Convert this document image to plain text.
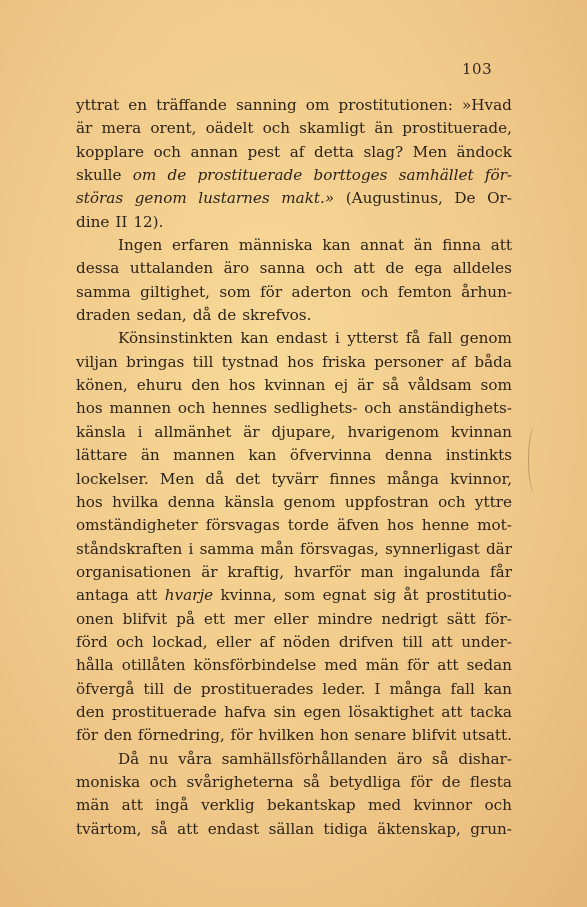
103
yttrat en träffande sanning om prostitutionen: »Hvad
är mera orent, oädelt och skamligt än prostituerade,
kopplare och annan pest af detta slag? Men ändock
skulle om de prostituerade borttoges samhället för-
störas genom lustarnes makt.» (Augustinus, De Or-
dine II 12).
Ingen erfaren människa kan annat än finna att
dessa uttalanden äro sanna och att de ega alldeles
samma giltighet, som för aderton och femton århun-
draden sedan, då de skrefvos.
Könsinstinkten kan endast i ytterst få fall genom
viljan bringas till tystnad hos friska personer af båda
könen, ehuru den hos kvinnan ej är så våldsam som
hos mannen och hennes sedlighets- och anständighets-
känsla i allmänhet är djupare, hvarigenom kvinnan
lättare än mannen kan öfvervinna denna instinkts
lockelser. Men då det tyvärr finnes många kvinnor,
hos hvilka denna känsla genom uppfostran och yttre
omständigheter försvagas torde äfven hos henne mot-
ståndskraften i samma mån försvagas, synnerligast där
organisationen är kraftig, hvarför man ingalunda får
antaga att hvarje kvinna, som egnat sig åt prostitutio-
onen blifvit på ett mer eller mindre nedrigt sätt för-
förd och lockad, eller af nöden drifven till att under-
hålla otillåten könsförbindelse med män för att sedan
öfvergå till de prostituerades leder. I många fall kan
den prostituerade hafva sin egen lösaktighet att tacka
för den förnedring, för hvilken hon senare blifvit utsatt.
Då nu våra samhällsförhållanden äro så dishar-
moniska och svårigheterna så betydliga för de flesta
män att ingå verklig bekantskap med kvinnor och
tvärtom, så att endast sällan tidiga äktenskap, grun-
